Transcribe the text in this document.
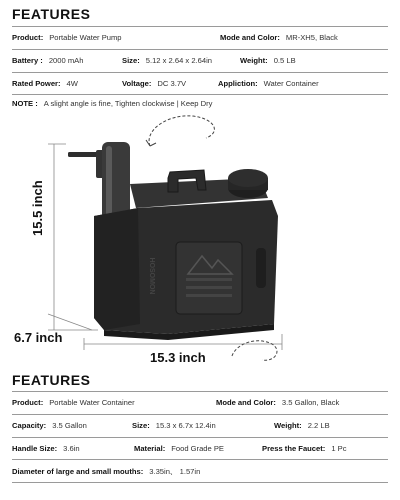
FEATURES
Product: Portable Water Pump	Mode and Color: MR-XH5, Black
Battery : 2000 mAh	Size: 5.12 x 2.64 x 2.64in	Weight: 0.5 LB
Rated Power: 4W	Voltage: DC 3.7V	Appliction: Water Container
NOTE : A slight angle is fine, Tighten clockwise | Keep Dry
HOSOMON
15.5 inch
6.7 inch
15.3 inch
FEATURES
Product: Portable Water Container	Mode and Color: 3.5 Gallon, Black
Capacity: 3.5 Gallon	Size: 15.3 x 6.7x 12.4in	Weight: 2.2 LB
Handle Size: 3.6in	Material: Food Grade PE	Press the Faucet: 1 Pc
Diameter of large and small mouths: 3.35in、 1.57in
